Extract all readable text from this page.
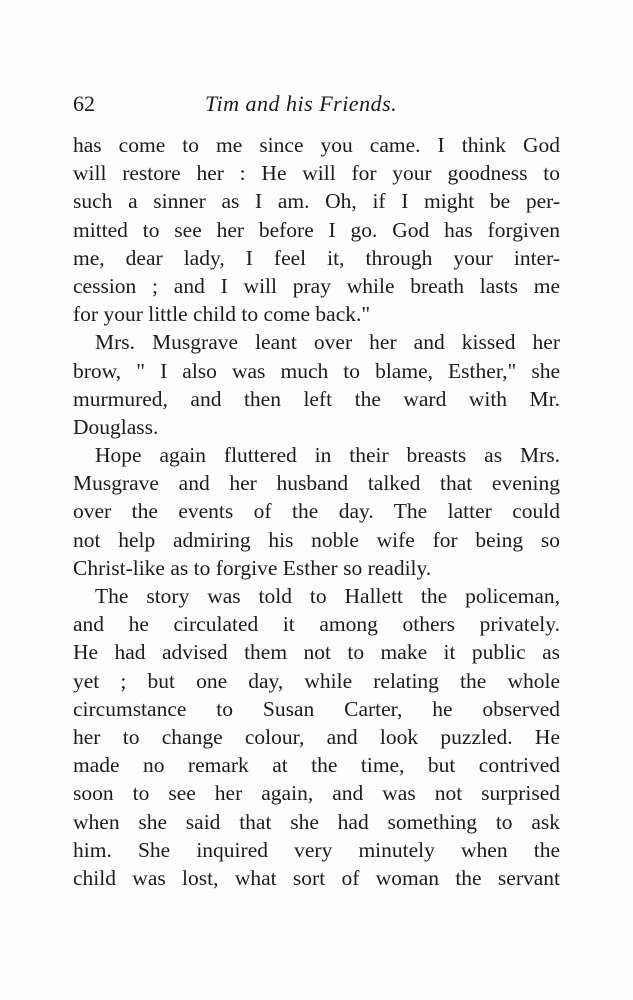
62	Tim and his Friends.
has come to me since you came. I think God
will restore her : He will for your goodness to
such a sinner as I am. Oh, if I might be per-
mitted to see her before I go. God has forgiven
me, dear lady, I feel it, through your inter-
cession ; and I will pray while breath lasts me
for your little child to come back."
Mrs. Musgrave leant over her and kissed her
brow, " I also was much to blame, Esther," she
murmured, and then left the ward with Mr.
Douglass.
Hope again fluttered in their breasts as Mrs.
Musgrave and her husband talked that evening
over the events of the day. The latter could
not help admiring his noble wife for being so
Christ-like as to forgive Esther so readily.
The story was told to Hallett the policeman,
and he circulated it among others privately.
He had advised them not to make it public as
yet ; but one day, while relating the whole
circumstance to Susan Carter, he observed
her to change colour, and look puzzled. He
made no remark at the time, but contrived
soon to see her again, and was not surprised
when she said that she had something to ask
him. She inquired very minutely when the
child was lost, what sort of woman the servant
